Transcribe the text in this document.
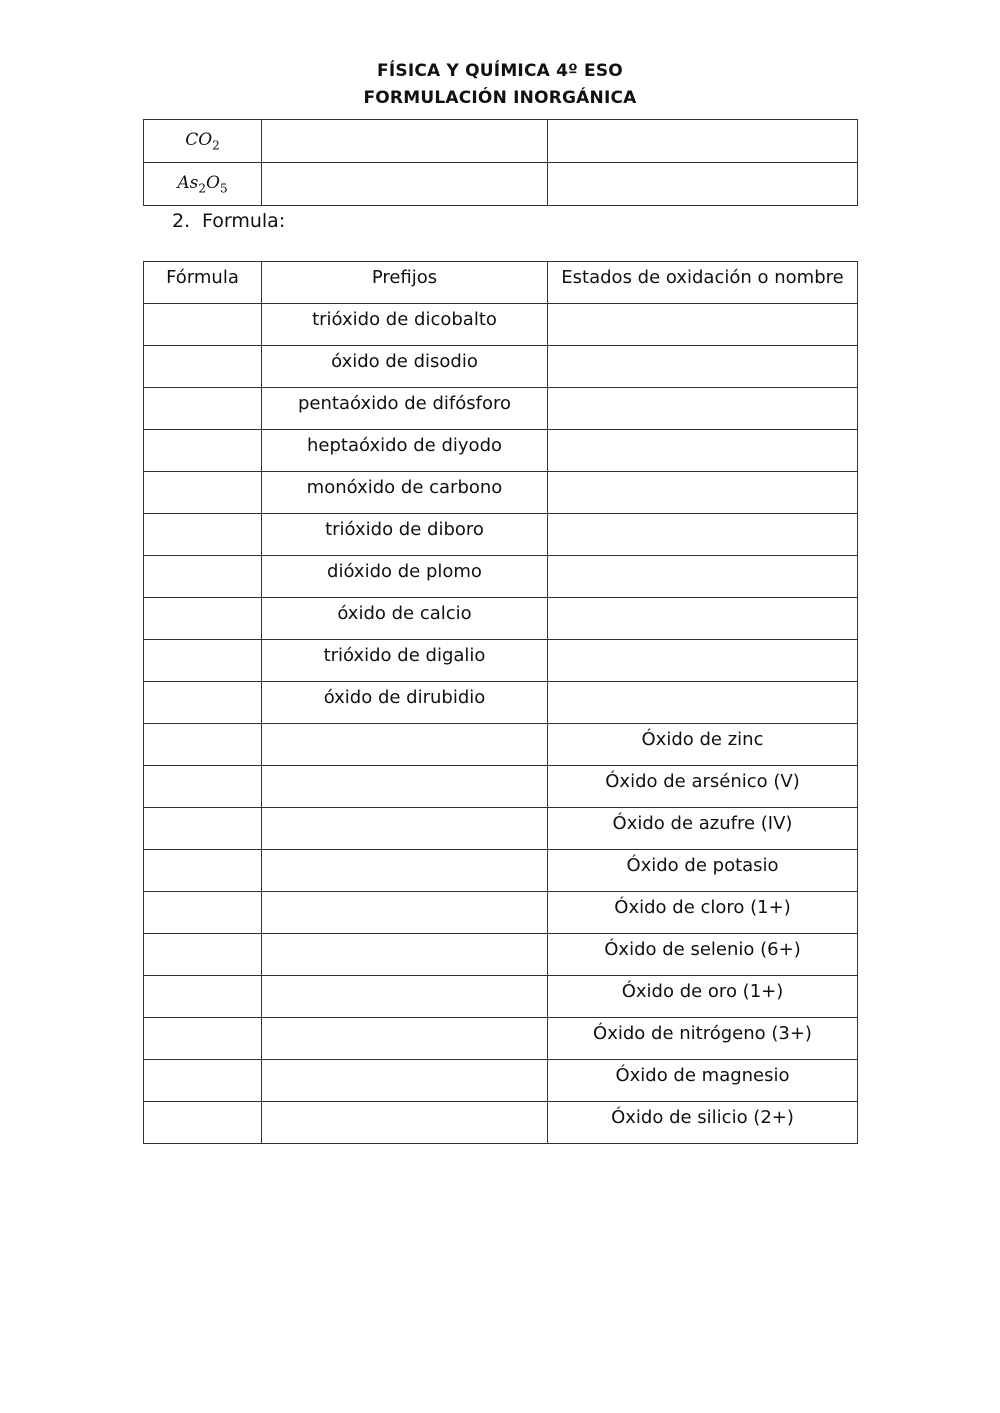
FÍSICA Y QUÍMICA 4º ESO
FORMULACIÓN INORGÁNICA
$CO_2$		
$As_2O_5$		
2. Formula:
Fórmula	Prefijos	Estados de oxidación o nombre
	trióxido de dicobalto	
	óxido de disodio	
	pentaóxido de difósforo	
	heptaóxido de diyodo	
	monóxido de carbono	
	trióxido de diboro	
	dióxido de plomo	
	óxido de calcio	
	trióxido de digalio	
	óxido de dirubidio	
		Óxido de zinc
		Óxido de arsénico (V)
		Óxido de azufre (IV)
		Óxido de potasio
		Óxido de cloro (1+)
		Óxido de selenio (6+)
		Óxido de oro (1+)
		Óxido de nitrógeno (3+)
		Óxido de magnesio
		Óxido de silicio (2+)
